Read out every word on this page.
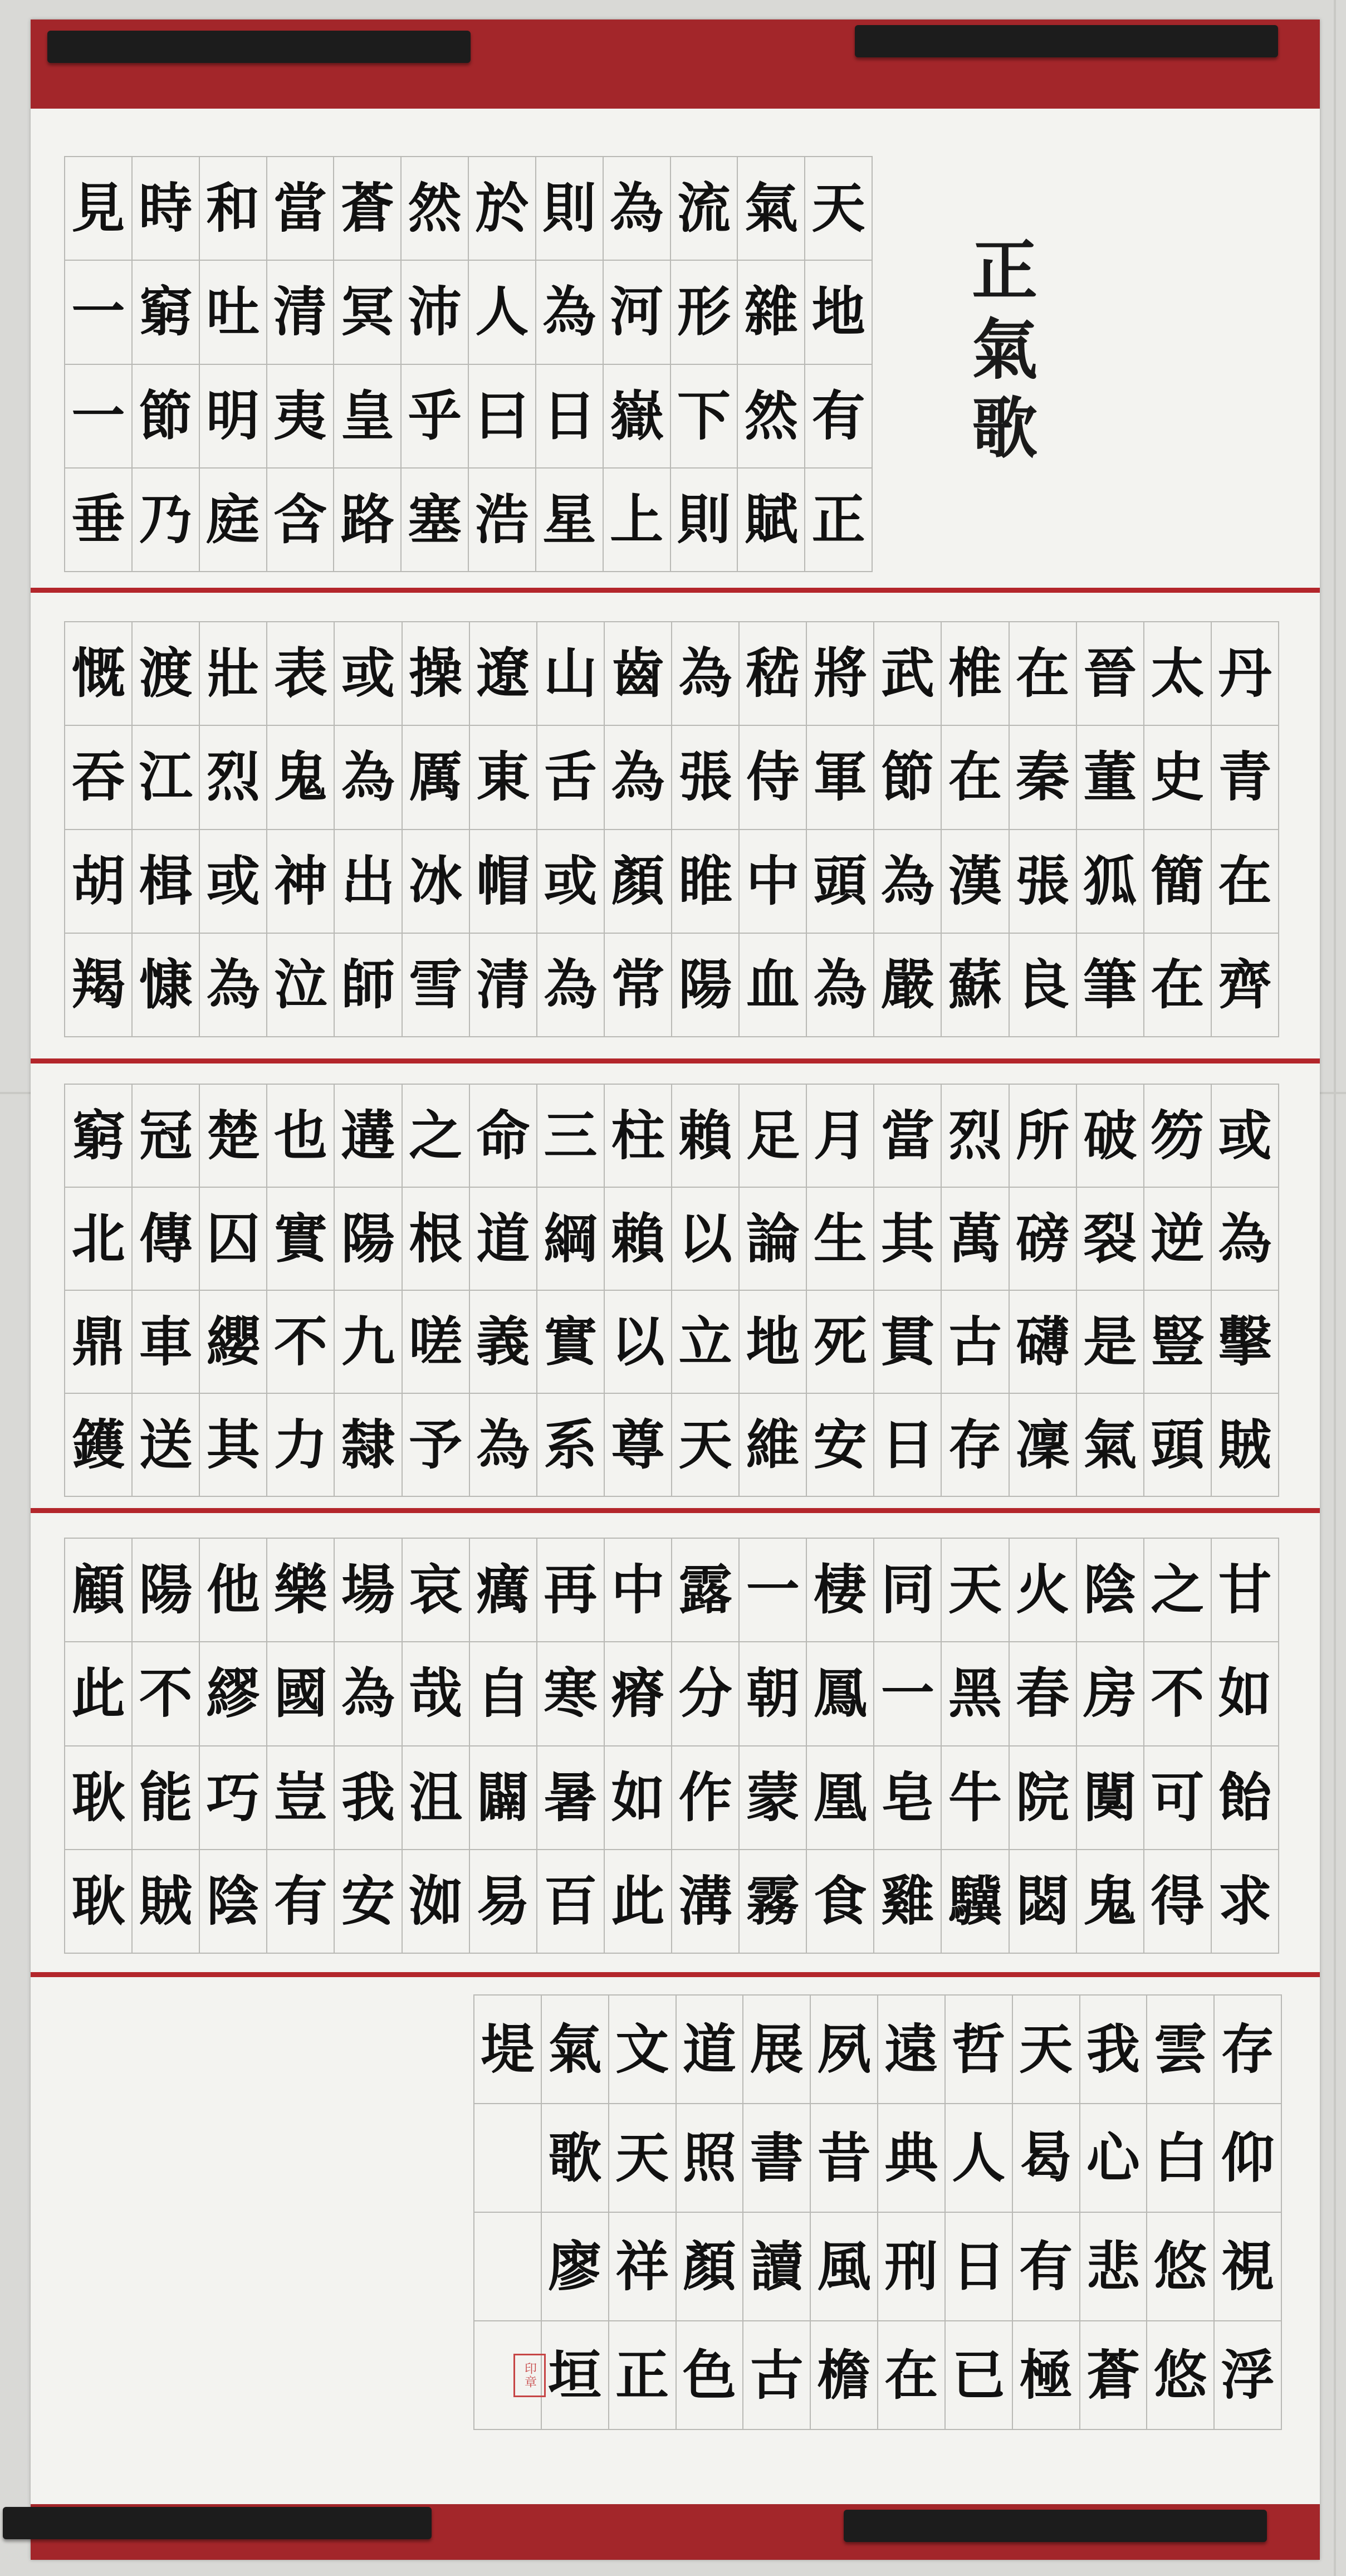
正
氣
歌
天
地
有
正
氣
雜
然
賦
流
形
下
則
為
河
嶽
上
則
為
日
星
於
人
曰
浩
然
沛
乎
塞
蒼
冥
皇
路
當
清
夷
含
和
吐
明
庭
時
窮
節
乃
見
一
一
垂
丹
青
在
齊
太
史
簡
在
晉
董
狐
筆
在
秦
張
良
椎
在
漢
蘇
武
節
為
嚴
將
軍
頭
為
嵇
侍
中
血
為
張
睢
陽
齒
為
顏
常
山
舌
或
為
遼
東
帽
清
操
厲
冰
雪
或
為
出
師
表
鬼
神
泣
壯
烈
或
為
渡
江
楫
慷
慨
吞
胡
羯
或
為
擊
賊
笏
逆
豎
頭
破
裂
是
氣
所
磅
礴
凜
烈
萬
古
存
當
其
貫
日
月
生
死
安
足
論
地
維
賴
以
立
天
柱
賴
以
尊
三
綱
實
系
命
道
義
為
之
根
嗟
予
遘
陽
九
隸
也
實
不
力
楚
囚
纓
其
冠
傳
車
送
窮
北
鼎
鑊
甘
如
飴
求
之
不
可
得
陰
房
闃
鬼
火
春
院
閟
天
黑
牛
驥
同
一
皂
雞
棲
鳳
凰
食
一
朝
蒙
霧
露
分
作
溝
中
瘠
如
此
再
寒
暑
百
癘
自
闢
易
哀
哉
沮
洳
場
為
我
安
樂
國
豈
有
他
繆
巧
陰
陽
不
能
賊
顧
此
耿
耿
存
仰
視
浮
雲
白
悠
悠
我
心
悲
蒼
天
曷
有
極
哲
人
日
已
遠
典
刑
在
夙
昔
風
檐
展
書
讀
古
道
照
顏
色
文
天
祥
正
氣
歌
廖
垣
堤
印章
